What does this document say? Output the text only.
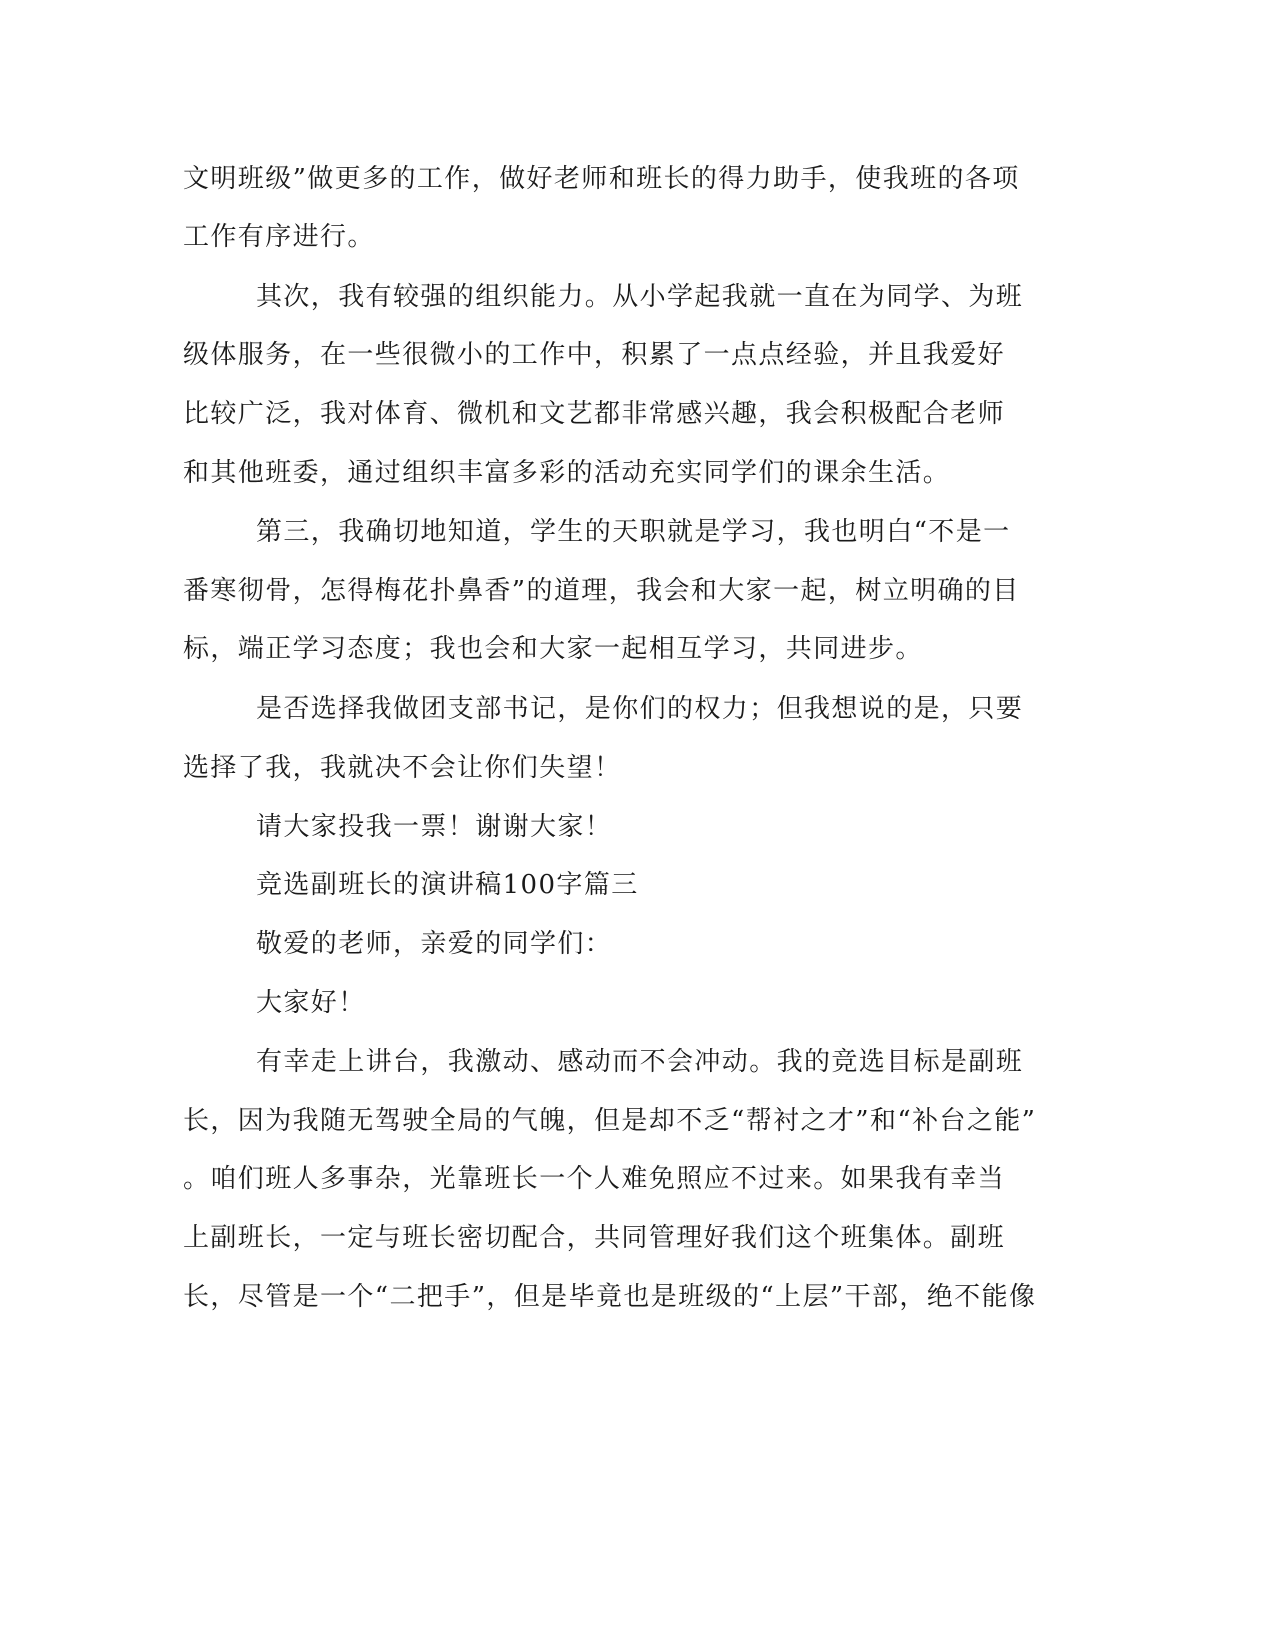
文明班级”做更多的工作，做好老师和班长的得力助手，使我班的各项
工作有序进行。
其次，我有较强的组织能力。从小学起我就一直在为同学、为班
级体服务，在一些很微小的工作中，积累了一点点经验，并且我爱好
比较广泛，我对体育、微机和文艺都非常感兴趣，我会积极配合老师
和其他班委，通过组织丰富多彩的活动充实同学们的课余生活。
第三，我确切地知道，学生的天职就是学习，我也明白“不是一
番寒彻骨，怎得梅花扑鼻香”的道理，我会和大家一起，树立明确的目
标，端正学习态度；我也会和大家一起相互学习，共同进步。
是否选择我做团支部书记，是你们的权力；但我想说的是，只要
选择了我，我就决不会让你们失望！
请大家投我一票！谢谢大家！
竞选副班长的演讲稿100字篇三
敬爱的老师，亲爱的同学们：
大家好！
有幸走上讲台，我激动、感动而不会冲动。我的竞选目标是副班
长，因为我随无驾驶全局的气魄，但是却不乏“帮衬之才”和“补台之能”
。咱们班人多事杂，光靠班长一个人难免照应不过来。如果我有幸当
上副班长，一定与班长密切配合，共同管理好我们这个班集体。副班
长，尽管是一个“二把手”，但是毕竟也是班级的“上层”干部，绝不能像
